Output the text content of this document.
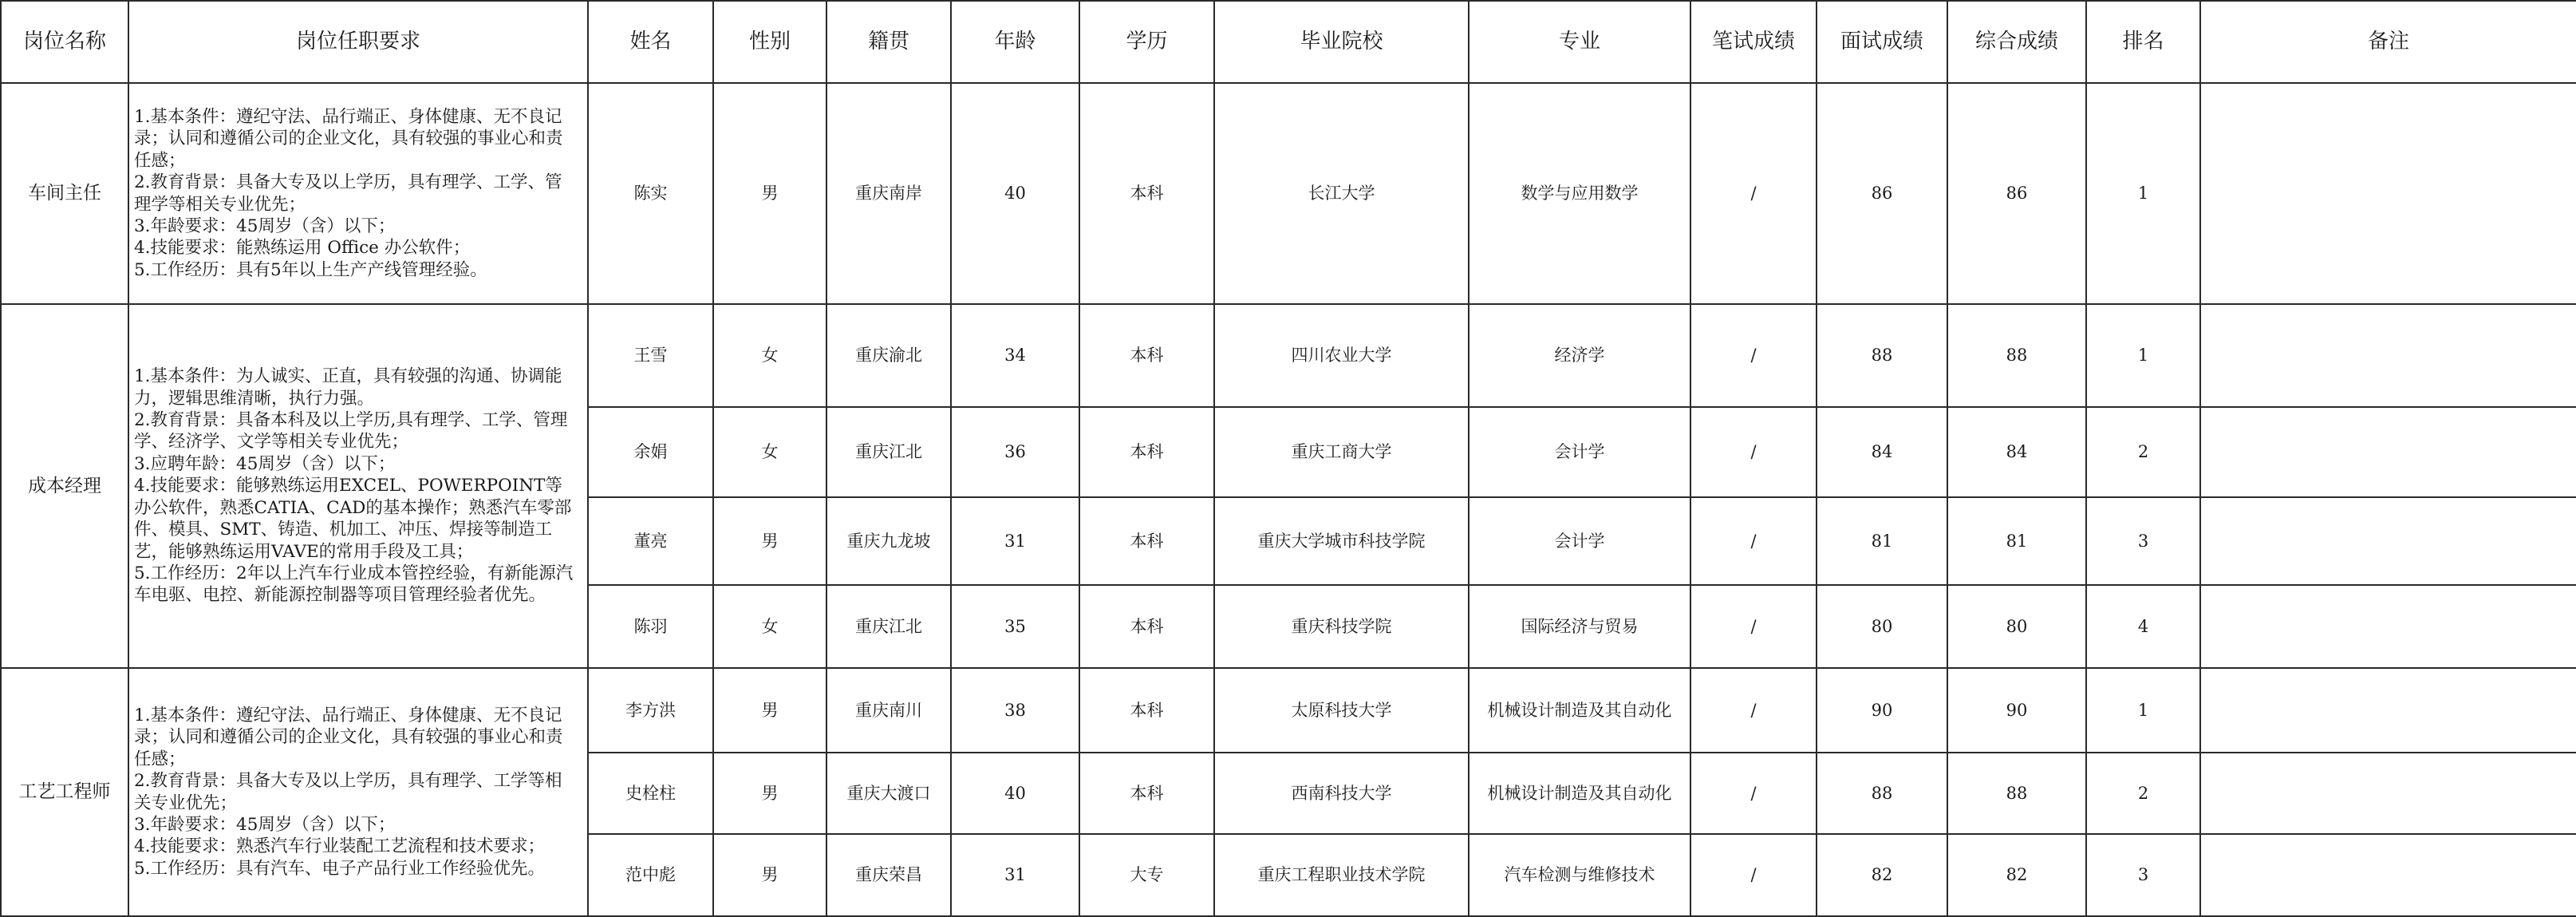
岗位名称	岗位任职要求	姓名	性别	籍贯	年龄	学历	毕业院校	专业	笔试成绩	面试成绩	综合成绩	排名	备注
车间主任	1.基本条件：遵纪守法、品行端正、身体健康、无不良记录；认同和遵循公司的企业文化，具有较强的事业心和责任感；
2.教育背景：具备大专及以上学历，具有理学、工学、管理学等相关专业优先；
3.年龄要求：45周岁（含）以下；
4.技能要求：能熟练运用 Office 办公软件；
5.工作经历：具有5年以上生产产线管理经验。	陈实	男	重庆南岸	40	本科	长江大学	数学与应用数学	/	86	86	1	
成本经理	1.基本条件：为人诚实、正直，具有较强的沟通、协调能力，逻辑思维清晰，执行力强。
2.教育背景：具备本科及以上学历,具有理学、工学、管理学、经济学、文学等相关专业优先；
3.应聘年龄：45周岁（含）以下；
4.技能要求：能够熟练运用EXCEL、POWERPOINT等办公软件，熟悉CATIA、CAD的基本操作；熟悉汽车零部件、模具、SMT、铸造、机加工、冲压、焊接等制造工艺，能够熟练运用VAVE的常用手段及工具；
5.工作经历：2年以上汽车行业成本管控经验，有新能源汽车电驱、电控、新能源控制器等项目管理经验者优先。	王雪	女	重庆渝北	34	本科	四川农业大学	经济学	/	88	88	1	
		余娟	女	重庆江北	36	本科	重庆工商大学	会计学	/	84	84	2	
		董亮	男	重庆九龙坡	31	本科	重庆大学城市科技学院	会计学	/	81	81	3	
		陈羽	女	重庆江北	35	本科	重庆科技学院	国际经济与贸易	/	80	80	4	
工艺工程师	1.基本条件：遵纪守法、品行端正、身体健康、无不良记录；认同和遵循公司的企业文化，具有较强的事业心和责任感；
2.教育背景：具备大专及以上学历，具有理学、工学等相关专业优先；
3.年龄要求：45周岁（含）以下；
4.技能要求：熟悉汽车行业装配工艺流程和技术要求；
5.工作经历：具有汽车、电子产品行业工作经验优先。	李方洪	男	重庆南川	38	本科	太原科技大学	机械设计制造及其自动化	/	90	90	1	
		史栓柱	男	重庆大渡口	40	本科	西南科技大学	机械设计制造及其自动化	/	88	88	2	
		范中彪	男	重庆荣昌	31	大专	重庆工程职业技术学院	汽车检测与维修技术	/	82	82	3	
